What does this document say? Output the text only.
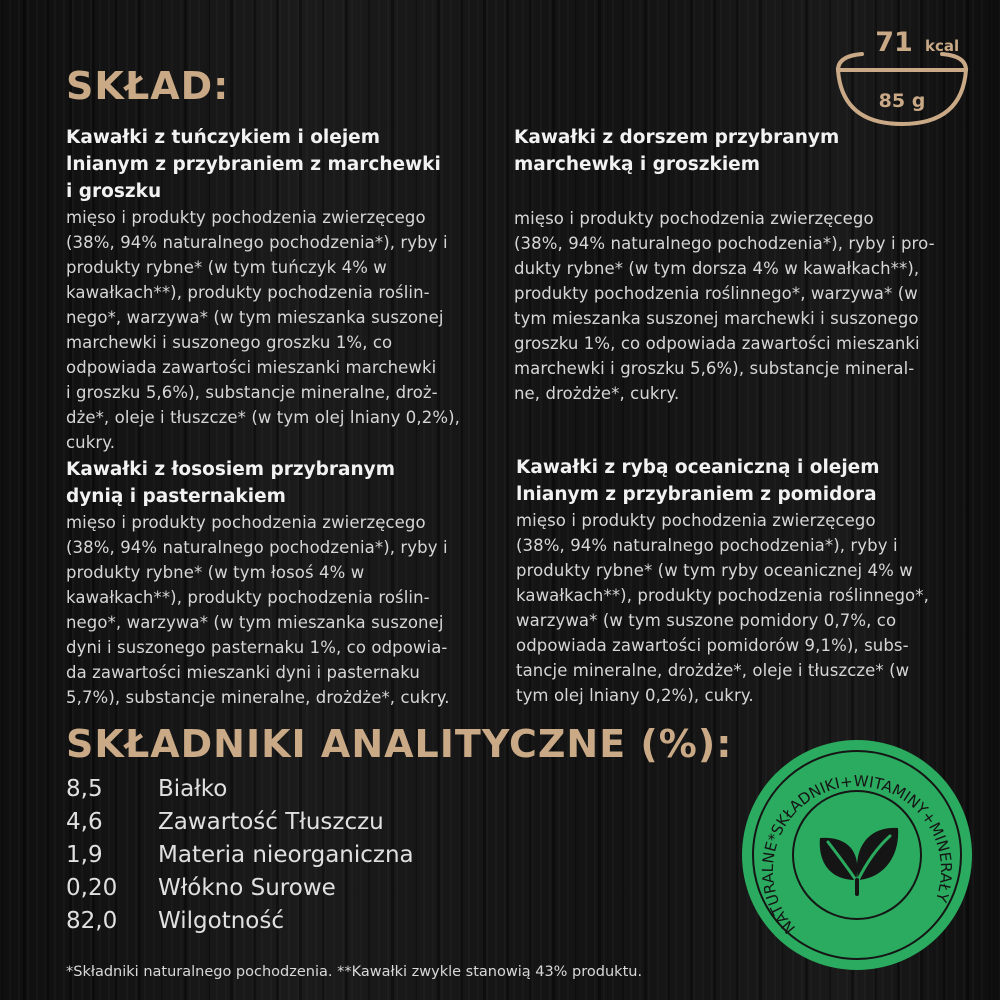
71 kcal
85 g
SKŁAD:
Kawałki z tuńczykiem i olejem
lnianym z przybraniem z marchewki
i groszku

mięso i produkty pochodzenia zwierzęcego
(38%, 94% naturalnego pochodzenia*), ryby i
produkty rybne* (w tym tuńczyk 4% w
kawałkach**), produkty pochodzenia roślin-
nego*, warzywa* (w tym mieszanka suszonej
marchewki i suszonego groszku 1%, co
odpowiada zawartości mieszanki marchewki
i groszku 5,6%), substancje mineralne, droż-
dże*, oleje i tłuszcze* (w tym olej lniany 0,2%),
cukry.

Kawałki z dorszem przybranym
marchewką i groszkiem

mięso i produkty pochodzenia zwierzęcego
(38%, 94% naturalnego pochodzenia*), ryby i pro-
dukty rybne* (w tym dorsza 4% w kawałkach**),
produkty pochodzenia roślinnego*, warzywa* (w
tym mieszanka suszonej marchewki i suszonego
groszku 1%, co odpowiada zawartości mieszanki
marchewki i groszku 5,6%), substancje mineral-
ne, drożdże*, cukry.

Kawałki z łososiem przybranym
dynią i pasternakiem

mięso i produkty pochodzenia zwierzęcego
(38%, 94% naturalnego pochodzenia*), ryby i
produkty rybne* (w tym łosoś 4% w
kawałkach**), produkty pochodzenia roślin-
nego*, warzywa* (w tym mieszanka suszonej
dyni i suszonego pasternaku 1%, co odpowia-
da zawartości mieszanki dyni i pasternaku
5,7%), substancje mineralne, drożdże*, cukry.

Kawałki z rybą oceaniczną i olejem
lnianym z przybraniem z pomidora

mięso i produkty pochodzenia zwierzęcego
(38%, 94% naturalnego pochodzenia*), ryby i
produkty rybne* (w tym ryby oceanicznej 4% w
kawałkach**), produkty pochodzenia roślinnego*,
warzywa* (w tym suszone pomidory 0,7%, co
odpowiada zawartości pomidorów 9,1%), subs-
tancje mineralne, drożdże*, oleje i tłuszcze* (w
tym olej lniany 0,2%), cukry.

SKŁADNIKI ANALITYCZNE (%):
8,5 Białko
4,6 Zawartość Tłuszczu
1,9 Materia nieorganiczna
0,20 Włókno Surowe
82,0 Wilgotność	NATURALNE*SKŁADNIKI+WITAMINY+MINERAŁY

*Składniki naturalnego pochodzenia. **Kawałki zwykle stanowią 43% produktu.
